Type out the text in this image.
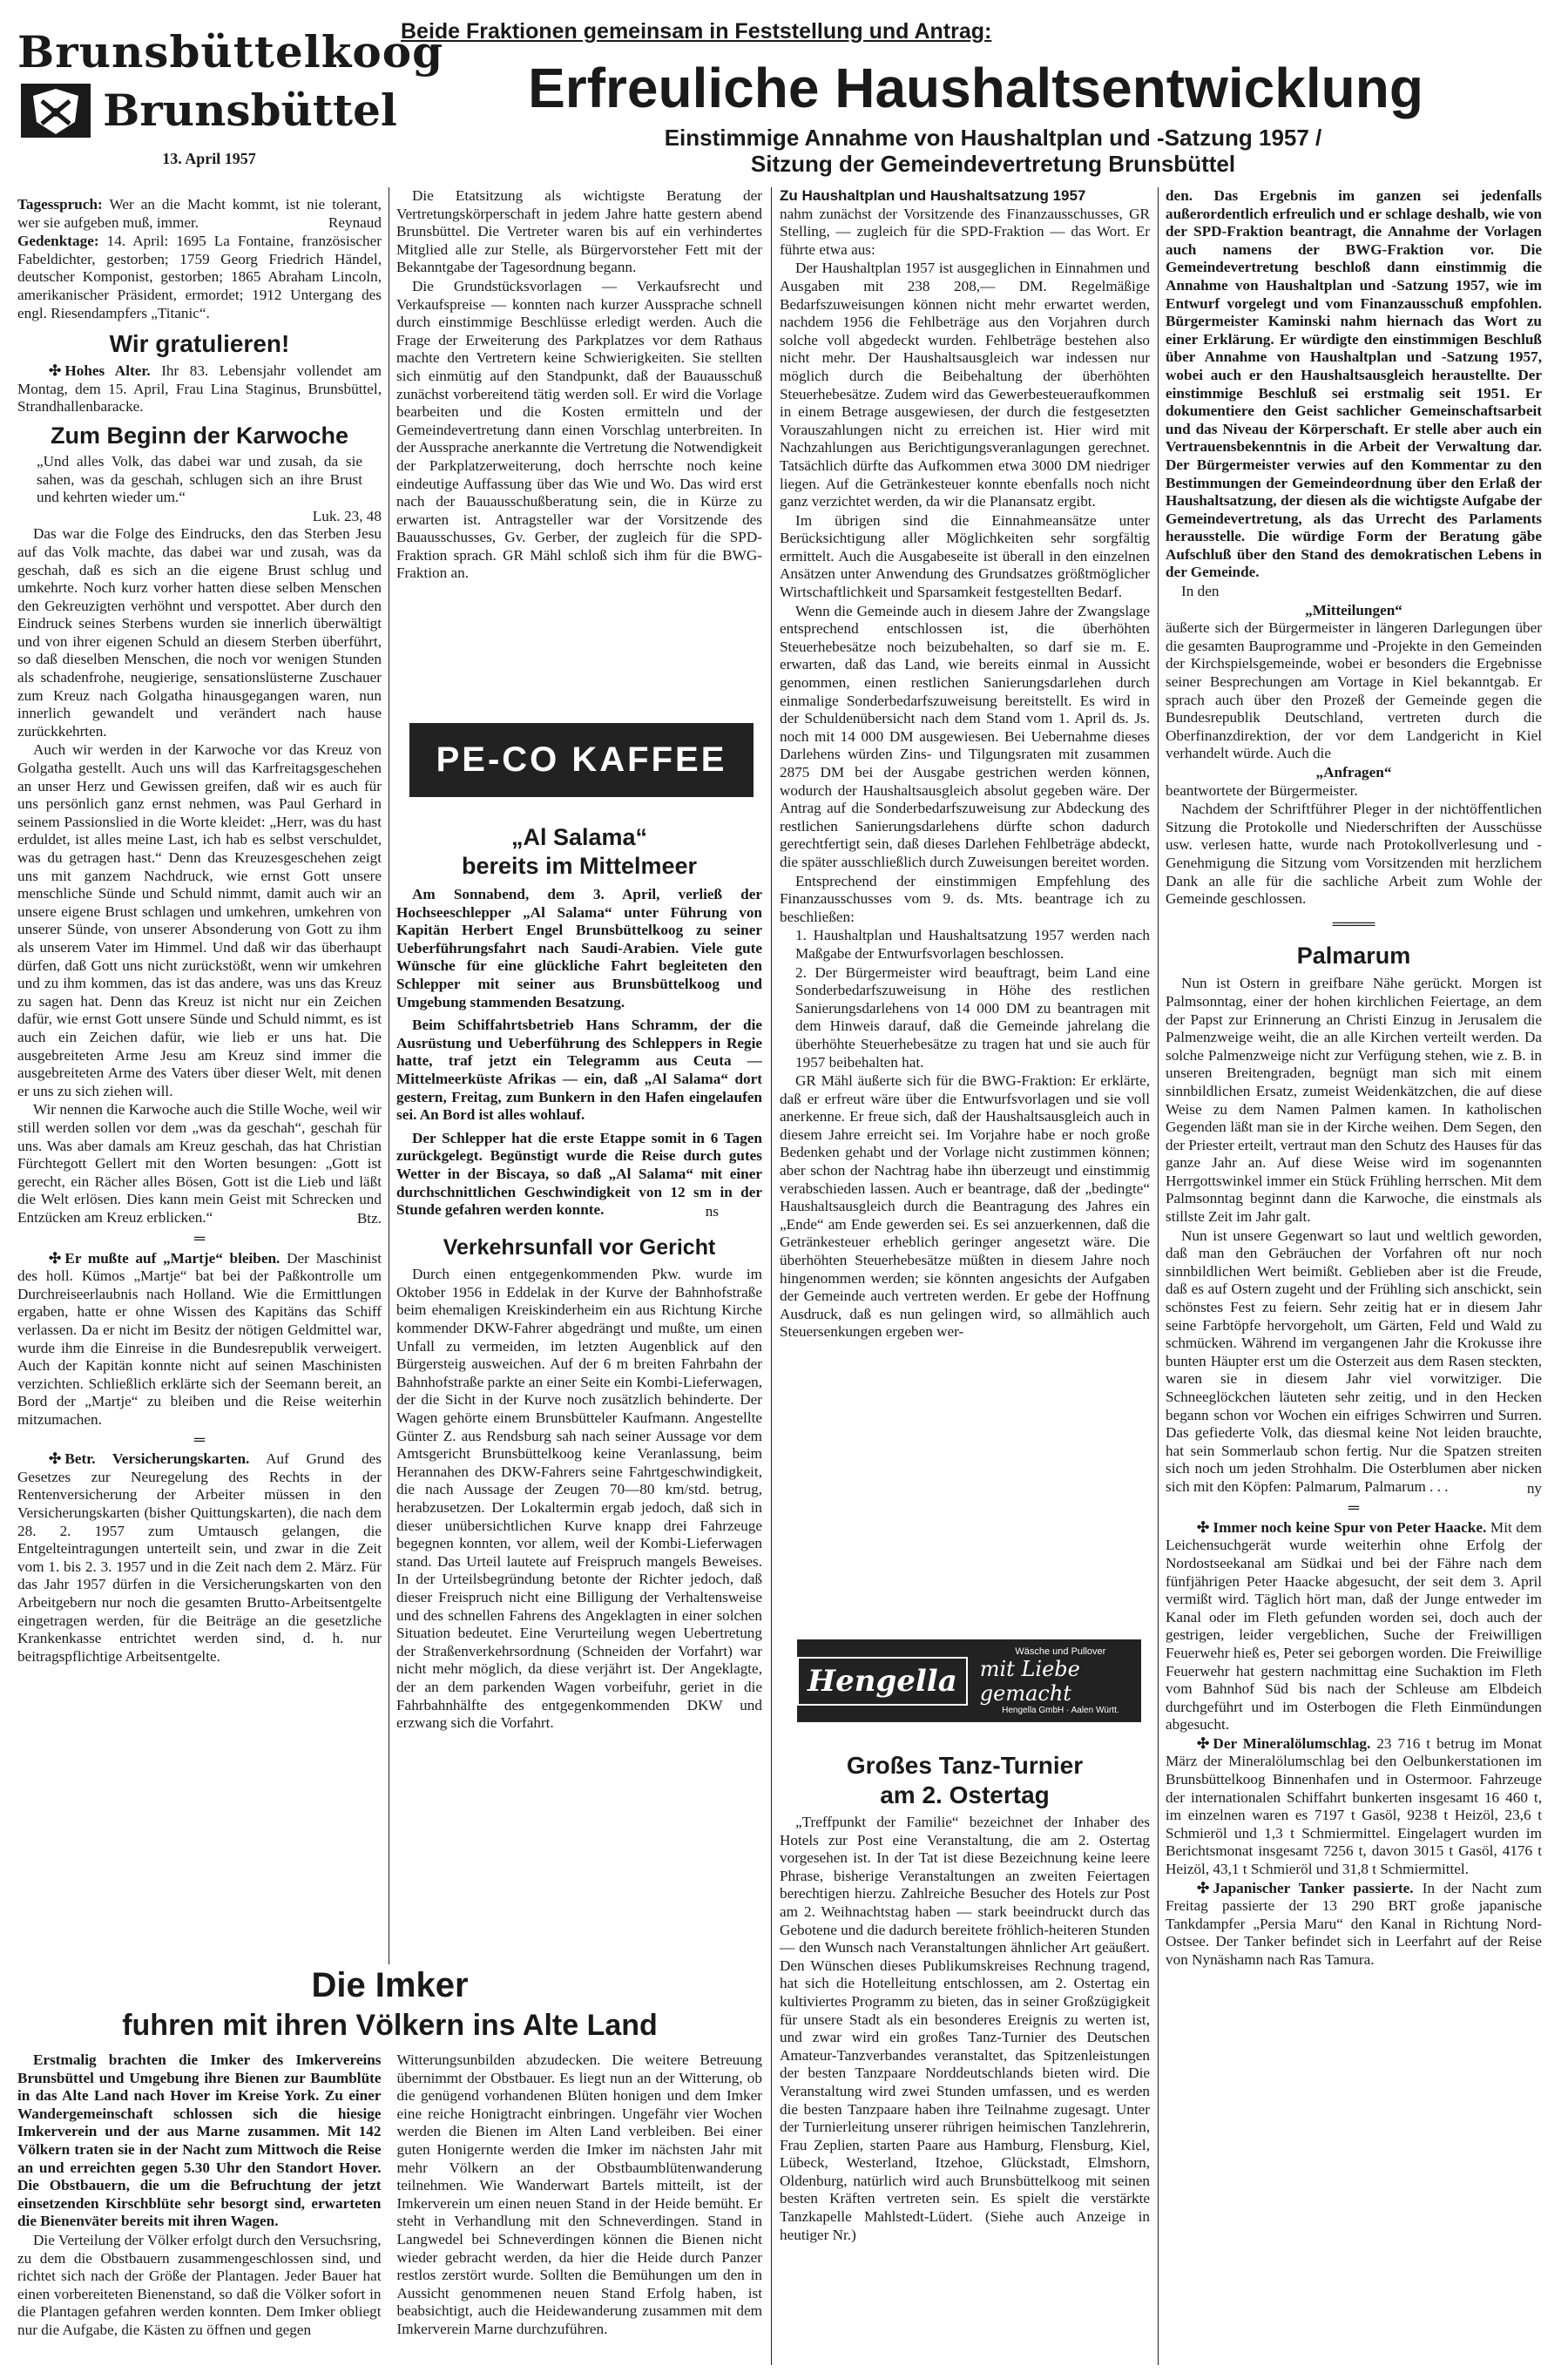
Brunsbüttelkoog
Brunsbüttel
13. April 1957

Tagesspruch: Wer an die Macht kommt, ist nie tolerant, wer sie aufgeben muß, immer.	Reynaud

Gedenktage: 14. April: 1695 La Fontaine, französischer Fabeldichter, gestorben; 1759 Georg Friedrich Händel, deutscher Komponist, gestorben; 1865 Abraham Lincoln, amerikanischer Präsident, ermordet; 1912 Untergang des engl. Riesendampfers „Titanic“.

Wir gratulieren!

✣ Hohes Alter. Ihr 83. Lebensjahr vollendet am Montag, dem 15. April, Frau Lina Staginus, Brunsbüttel, Strandhallenbaracke.

Zum Beginn der Karwoche

„Und alles Volk, das dabei war und zusah, da sie sahen, was da geschah, schlugen sich an ihre Brust und kehrten wieder um.“

Luk. 23, 48

Das war die Folge des Eindrucks, den das Sterben Jesu auf das Volk machte, das dabei war und zusah, was da geschah, daß es sich an die eigene Brust schlug und umkehrte. Noch kurz vorher hatten diese selben Menschen den Gekreuzigten verhöhnt und verspottet. Aber durch den Eindruck seines Sterbens wurden sie innerlich überwältigt und von ihrer eigenen Schuld an diesem Sterben überführt, so daß dieselben Menschen, die noch vor wenigen Stunden als schadenfrohe, neugierige, sensationslüsterne Zuschauer zum Kreuz nach Golgatha hinausgegangen waren, nun innerlich gewandelt und verändert nach hause zurückkehrten.

Auch wir werden in der Karwoche vor das Kreuz von Golgatha gestellt. Auch uns will das Karfreitagsgeschehen an unser Herz und Gewissen greifen, daß wir es auch für uns persönlich ganz ernst nehmen, was Paul Gerhard in seinem Passionslied in die Worte kleidet: „Herr, was du hast erduldet, ist alles meine Last, ich hab es selbst verschuldet, was du getragen hast.“ Denn das Kreuzesgeschehen zeigt uns mit ganzem Nachdruck, wie ernst Gott unsere menschliche Sünde und Schuld nimmt, damit auch wir an unsere eigene Brust schlagen und umkehren, umkehren von unserer Sünde, von unserer Absonderung von Gott zu ihm als unserem Vater im Himmel. Und daß wir das überhaupt dürfen, daß Gott uns nicht zurückstößt, wenn wir umkehren und zu ihm kommen, das ist das andere, was uns das Kreuz zu sagen hat. Denn das Kreuz ist nicht nur ein Zeichen dafür, wie ernst Gott unsere Sünde und Schuld nimmt, es ist auch ein Zeichen dafür, wie lieb er uns hat. Die ausgebreiteten Arme Jesu am Kreuz sind immer die ausgebreiteten Arme des Vaters über dieser Welt, mit denen er uns zu sich ziehen will.

Wir nennen die Karwoche auch die Stille Woche, weil wir still werden sollen vor dem „was da geschah“, geschah für uns. Was aber damals am Kreuz geschah, das hat Christian Fürchtegott Gellert mit den Worten besungen: „Gott ist gerecht, ein Rächer alles Bösen, Gott ist die Lieb und läßt die Welt erlösen. Dies kann mein Geist mit Schrecken und Entzücken am Kreuz erblicken.“	Btz.
═

✣ Er mußte auf „Martje“ bleiben. Der Maschinist des holl. Kümos „Martje“ bat bei der Paßkontrolle um Durchreiseerlaubnis nach Holland. Wie die Ermittlungen ergaben, hatte er ohne Wissen des Kapitäns das Schiff verlassen. Da er nicht im Besitz der nötigen Geldmittel war, wurde ihm die Einreise in die Bundesrepublik verweigert. Auch der Kapitän konnte nicht auf seinen Maschinisten verzichten. Schließlich erklärte sich der Seemann bereit, an Bord der „Martje“ zu bleiben und die Reise weiterhin mitzumachen.

═

✣ Betr. Versicherungskarten. Auf Grund des Gesetzes zur Neuregelung des Rechts in der Rentenversicherung der Arbeiter müssen in den Versicherungskarten (bisher Quittungskarten), die nach dem 28. 2. 1957 zum Umtausch gelangen, die Entgelteintragungen unterteilt sein, und zwar in die Zeit vom 1. bis 2. 3. 1957 und in die Zeit nach dem 2. März. Für das Jahr 1957 dürfen in die Versicherungskarten von den Arbeitgebern nur noch die gesamten Brutto-Arbeitsentgelte eingetragen werden, für die Beiträge an die gesetzliche Krankenkasse entrichtet werden sind, d. h. nur beitragspflichtige Arbeitsentgelte.

Beide Fraktionen gemeinsam in Feststellung und Antrag:
Erfreuliche Haushaltsentwicklung
Einstimmige Annahme von Haushaltplan und -Satzung 1957 /
Sitzung der Gemeindevertretung Brunsbüttel

Die Etatsitzung als wichtigste Beratung der Vertretungskörperschaft in jedem Jahre hatte gestern abend Brunsbüttel. Die Vertreter waren bis auf ein verhindertes Mitglied alle zur Stelle, als Bürgervorsteher Fett mit der Bekanntgabe der Tagesordnung begann.

Die Grundstücksvorlagen — Verkaufsrecht und Verkaufspreise — konnten nach kurzer Aussprache schnell durch einstimmige Beschlüsse erledigt werden. Auch die Frage der Erweiterung des Parkplatzes vor dem Rathaus machte den Vertretern keine Schwierigkeiten. Sie stellten sich einmütig auf den Standpunkt, daß der Bauausschuß zunächst vorbereitend tätig werden soll. Er wird die Vorlage bearbeiten und die Kosten ermitteln und der Gemeindevertretung dann einen Vorschlag unterbreiten. In der Aussprache anerkannte die Vertretung die Notwendigkeit der Parkplatzerweiterung, doch herrschte noch keine eindeutige Auffassung über das Wie und Wo. Das wird erst nach der Bauausschußberatung sein, die in Kürze zu erwarten ist. Antragsteller war der Vorsitzende des Bauausschusses, Gv. Gerber, der zugleich für die SPD-Fraktion sprach. GR Mähl schloß sich ihm für die BWG-Fraktion an.

PE-CO KAFFEE
„Al Salama“
bereits im Mittelmeer

Am Sonnabend, dem 3. April, verließ der Hochseeschlepper „Al Salama“ unter Führung von Kapitän Herbert Engel Brunsbüttelkoog zu seiner Ueberführungsfahrt nach Saudi-Arabien. Viele gute Wünsche für eine glückliche Fahrt begleiteten den Schlepper mit seiner aus Brunsbüttelkoog und Umgebung stammenden Besatzung.

Beim Schiffahrtsbetrieb Hans Schramm, der die Ausrüstung und Ueberführung des Schleppers in Regie hatte, traf jetzt ein Telegramm aus Ceuta — Mittelmeerküste Afrikas — ein, daß „Al Salama“ dort gestern, Freitag, zum Bunkern in den Hafen eingelaufen sei. An Bord ist alles wohlauf.

Der Schlepper hat die erste Etappe somit in 6 Tagen zurückgelegt. Begünstigt wurde die Reise durch gutes Wetter in der Biscaya, so daß „Al Salama“ mit einer durchschnittlichen Geschwindigkeit von 12 sm in der Stunde gefahren werden konnte.	ns
Verkehrsunfall vor Gericht

Durch einen entgegenkommenden Pkw. wurde im Oktober 1956 in Eddelak in der Kurve der Bahnhofstraße beim ehemaligen Kreiskinderheim ein aus Richtung Kirche kommender DKW-Fahrer abgedrängt und mußte, um einen Unfall zu vermeiden, im letzten Augenblick auf den Bürgersteig ausweichen. Auf der 6 m breiten Fahrbahn der Bahnhofstraße parkte an einer Seite ein Kombi-Lieferwagen, der die Sicht in der Kurve noch zusätzlich behinderte. Der Wagen gehörte einem Brunsbütteler Kaufmann. Angestellte Günter Z. aus Rendsburg sah nach seiner Aussage vor dem Amtsgericht Brunsbüttelkoog keine Veranlassung, beim Herannahen des DKW-Fahrers seine Fahrtgeschwindigkeit, die nach Aussage der Zeugen 70—80 km/std. betrug, herabzusetzen. Der Lokaltermin ergab jedoch, daß sich in dieser unübersichtlichen Kurve knapp drei Fahrzeuge begegnen konnten, vor allem, weil der Kombi-Lieferwagen stand. Das Urteil lautete auf Freispruch mangels Beweises. In der Urteilsbegründung betonte der Richter jedoch, daß dieser Freispruch nicht eine Billigung der Verhaltensweise und des schnellen Fahrens des Angeklagten in einer solchen Situation bedeutet. Eine Verurteilung wegen Uebertretung der Straßenverkehrsordnung (Schneiden der Vorfahrt) war nicht mehr möglich, da diese verjährt ist. Der Angeklagte, der an dem parkenden Wagen vorbeifuhr, geriet in die Fahrbahnhälfte des entgegenkommenden DKW und erzwang sich die Vorfahrt.

Zu Haushaltplan und Haushaltsatzung 1957

nahm zunächst der Vorsitzende des Finanzausschusses, GR Stelling, — zugleich für die SPD-Fraktion — das Wort. Er führte etwa aus:

Der Haushaltplan 1957 ist ausgeglichen in Einnahmen und Ausgaben mit 238 208,— DM. Regelmäßige Bedarfszuweisungen können nicht mehr erwartet werden, nachdem 1956 die Fehlbeträge aus den Vorjahren durch solche voll abgedeckt wurden. Fehlbeträge bestehen also nicht mehr. Der Haushaltsausgleich war indessen nur möglich durch die Beibehaltung der überhöhten Steuerhebesätze. Zudem wird das Gewerbesteueraufkommen in einem Betrage ausgewiesen, der durch die festgesetzten Vorauszahlungen nicht zu erreichen ist. Hier wird mit Nachzahlungen aus Berichtigungsveranlagungen gerechnet. Tatsächlich dürfte das Aufkommen etwa 3000 DM niedriger liegen. Auf die Getränkesteuer konnte ebenfalls noch nicht ganz verzichtet werden, da wir die Planansatz ergibt.

Im übrigen sind die Einnahmeansätze unter Berücksichtigung aller Möglichkeiten sehr sorgfältig ermittelt. Auch die Ausgabeseite ist überall in den einzelnen Ansätzen unter Anwendung des Grundsatzes größtmöglicher Wirtschaftlichkeit und Sparsamkeit festgestellten Bedarf.

Wenn die Gemeinde auch in diesem Jahre der Zwangslage entsprechend entschlossen ist, die überhöhten Steuerhebesätze noch beizubehalten, so darf sie m. E. erwarten, daß das Land, wie bereits einmal in Aussicht genommen, einen restlichen Sanierungsdarlehen durch einmalige Sonderbedarfszuweisung bereitstellt. Es wird in der Schuldenübersicht nach dem Stand vom 1. April ds. Js. noch mit 14 000 DM ausgewiesen. Bei Uebernahme dieses Darlehens würden Zins- und Tilgungsraten mit zusammen 2875 DM bei der Ausgabe gestrichen werden können, wodurch der Haushaltsausgleich absolut gegeben wäre. Der Antrag auf die Sonderbedarfszuweisung zur Abdeckung des restlichen Sanierungsdarlehens dürfte schon dadurch gerechtfertigt sein, daß dieses Darlehen Fehlbeträge abdeckt, die später ausschließlich durch Zuweisungen bereitet worden.

Entsprechend der einstimmigen Empfehlung des Finanzausschusses vom 9. ds. Mts. beantrage ich zu beschließen:

1. Haushaltplan und Haushaltsatzung 1957 werden nach Maßgabe der Entwurfsvorlagen beschlossen.

2. Der Bürgermeister wird beauftragt, beim Land eine Sonderbedarfszuweisung in Höhe des restlichen Sanierungsdarlehens von 14 000 DM zu beantragen mit dem Hinweis darauf, daß die Gemeinde jahrelang die überhöhte Steuerhebesätze zu tragen hat und sie auch für 1957 beibehalten hat.

GR Mähl äußerte sich für die BWG-Fraktion: Er erklärte, daß er erfreut wäre über die Entwurfsvorlagen und sie voll anerkenne. Er freue sich, daß der Haushaltsausgleich auch in diesem Jahre erreicht sei. Im Vorjahre habe er noch große Bedenken gehabt und der Vorlage nicht zustimmen können; aber schon der Nachtrag habe ihn überzeugt und einstimmig verabschieden lassen. Auch er beantrage, daß der „bedingte“ Haushaltsausgleich durch die Beantragung des Jahres ein „Ende“ am Ende gewerden sei. Es sei anzuerkennen, daß die Getränkesteuer erheblich geringer angesetzt wäre. Die überhöhten Steuerhebesätze müßten in diesem Jahre noch hingenommen werden; sie könnten angesichts der Aufgaben der Gemeinde auch vertreten werden. Er gebe der Hoffnung Ausdruck, daß es nun gelingen wird, so allmählich auch Steuersenkungen ergeben wer-

Hengella
Wäsche und Pullover
mit Liebe gemacht
Hengella GmbH · Aalen Württ.
Großes Tanz-Turnier
am 2. Ostertag

„Treffpunkt der Familie“ bezeichnet der Inhaber des Hotels zur Post eine Veranstaltung, die am 2. Ostertag vorgesehen ist. In der Tat ist diese Bezeichnung keine leere Phrase, bisherige Veranstaltungen an zweiten Feiertagen berechtigen hierzu. Zahlreiche Besucher des Hotels zur Post am 2. Weihnachtstag haben — stark beeindruckt durch das Gebotene und die dadurch bereitete fröhlich-heiteren Stunden — den Wunsch nach Veranstaltungen ähnlicher Art geäußert. Den Wünschen dieses Publikumskreises Rechnung tragend, hat sich die Hotelleitung entschlossen, am 2. Ostertag ein kultiviertes Programm zu bieten, das in seiner Großzügigkeit für unsere Stadt als ein besonderes Ereignis zu werten ist, und zwar wird ein großes Tanz-Turnier des Deutschen Amateur-Tanzverbandes veranstaltet, das Spitzenleistungen der besten Tanzpaare Norddeutschlands bieten wird. Die Veranstaltung wird zwei Stunden umfassen, und es werden die besten Tanzpaare haben ihre Teilnahme zugesagt. Unter der Turnierleitung unserer rührigen heimischen Tanzlehrerin, Frau Zeplien, starten Paare aus Hamburg, Flensburg, Kiel, Lübeck, Westerland, Itzehoe, Glückstadt, Elmshorn, Oldenburg, natürlich wird auch Brunsbüttelkoog mit seinen besten Kräften vertreten sein. Es spielt die verstärkte Tanzkapelle Mahlstedt-Lüdert. (Siehe auch Anzeige in heutiger Nr.)

den. Das Ergebnis im ganzen sei jedenfalls außerordentlich erfreulich und er schlage deshalb, wie von der SPD-Fraktion beantragt, die Annahme der Vorlagen auch namens der BWG-Fraktion vor. Die Gemeindevertretung beschloß dann einstimmig die Annahme von Haushaltplan und -Satzung 1957, wie im Entwurf vorgelegt und vom Finanzausschuß empfohlen. Bürgermeister Kaminski nahm hiernach das Wort zu einer Erklärung. Er würdigte den einstimmigen Beschluß über Annahme von Haushaltplan und -Satzung 1957, wobei auch er den Haushaltsausgleich heraustellte. Der einstimmige Beschluß sei erstmalig seit 1951. Er dokumentiere den Geist sachlicher Gemeinschaftsarbeit und das Niveau der Körperschaft. Er stelle aber auch ein Vertrauensbekenntnis in die Arbeit der Verwaltung dar. Der Bürgermeister verwies auf den Kommentar zu den Bestimmungen der Gemeindeordnung über den Erlaß der Haushaltsatzung, der diesen als die wichtigste Aufgabe der Gemeindevertretung, als das Urrecht des Parlaments herausstelle. Die würdige Form der Beratung gäbe Aufschluß über den Stand des demokratischen Lebens in der Gemeinde.

In den

„Mitteilungen“

äußerte sich der Bürgermeister in längeren Darlegungen über die gesamten Bauprogramme und -Projekte in den Gemeinden der Kirchspielsgemeinde, wobei er besonders die Ergebnisse seiner Besprechungen am Vortage in Kiel bekanntgab. Er sprach auch über den Prozeß der Gemeinde gegen die Bundesrepublik Deutschland, vertreten durch die Oberfinanzdirektion, der vor dem Landgericht in Kiel verhandelt würde. Auch die

„Anfragen“

beantwortete der Bürgermeister.

Nachdem der Schriftführer Pleger in der nichtöffentlichen Sitzung die Protokolle und Niederschriften der Ausschüsse usw. verlesen hatte, wurde nach Protokollverlesung und -Genehmigung die Sitzung vom Vorsitzenden mit herzlichem Dank an alle für die sachliche Arbeit zum Wohle der Gemeinde geschlossen.

════
Palmarum

Nun ist Ostern in greifbare Nähe gerückt. Morgen ist Palmsonntag, einer der hohen kirchlichen Feiertage, an dem der Papst zur Erinnerung an Christi Einzug in Jerusalem die Palmenzweige weiht, die an alle Kirchen verteilt werden. Da solche Palmenzweige nicht zur Verfügung stehen, wie z. B. in unseren Breitengraden, begnügt man sich mit einem sinnbildlichen Ersatz, zumeist Weidenkätzchen, die auf diese Weise zu dem Namen Palmen kamen. In katholischen Gegenden läßt man sie in der Kirche weihen. Dem Segen, den der Priester erteilt, vertraut man den Schutz des Hauses für das ganze Jahr an. Auf diese Weise wird im sogenannten Herrgottswinkel immer ein Stück Frühling herrschen. Mit dem Palmsonntag beginnt dann die Karwoche, die einstmals als stillste Zeit im Jahr galt.

Nun ist unsere Gegenwart so laut und weltlich geworden, daß man den Gebräuchen der Vorfahren oft nur noch sinnbildlichen Wert beimißt. Geblieben aber ist die Freude, daß es auf Ostern zugeht und der Frühling sich anschickt, sein schönstes Fest zu feiern. Sehr zeitig hat er in diesem Jahr seine Farbtöpfe hervorgeholt, um Gärten, Feld und Wald zu schmücken. Während im vergangenen Jahr die Krokusse ihre bunten Häupter erst um die Osterzeit aus dem Rasen steckten, waren sie in diesem Jahr viel vorwitziger. Die Schneeglöckchen läuteten sehr zeitig, und in den Hecken begann schon vor Wochen ein eifriges Schwirren und Surren. Das gefiederte Volk, das diesmal keine Not leiden brauchte, hat sein Sommerlaub schon fertig. Nur die Spatzen streiten sich noch um jeden Strohhalm. Die Osterblumen aber nicken sich mit den Köpfen: Palmarum, Palmarum . . .	ny
═

✣ Immer noch keine Spur von Peter Haacke. Mit dem Leichensuchgerät wurde weiterhin ohne Erfolg der Nordostseekanal am Südkai und bei der Fähre nach dem fünfjährigen Peter Haacke abgesucht, der seit dem 3. April vermißt wird. Täglich hört man, daß der Junge entweder im Kanal oder im Fleth gefunden worden sei, doch auch der gestrigen, leider vergeblichen, Suche der Freiwilligen Feuerwehr hieß es, Peter sei geborgen worden. Die Freiwillige Feuerwehr hat gestern nachmittag eine Suchaktion im Fleth vom Bahnhof Süd bis nach der Schleuse am Elbdeich durchgeführt und im Osterbogen die Fleth Einmündungen abgesucht.

✣ Der Mineralölumschlag. 23 716 t betrug im Monat März der Mineralölumschlag bei den Oelbunkerstationen im Brunsbüttelkoog Binnenhafen und in Ostermoor. Fahrzeuge der internationalen Schiffahrt bunkerten insgesamt 16 460 t, im einzelnen waren es 7197 t Gasöl, 9238 t Heizöl, 23,6 t Schmieröl und 1,3 t Schmiermittel. Eingelagert wurden im Berichtsmonat insgesamt 7256 t, davon 3015 t Gasöl, 4176 t Heizöl, 43,1 t Schmieröl und 31,8 t Schmiermittel.

✣ Japanischer Tanker passierte. In der Nacht zum Freitag passierte der 13 290 BRT große japanische Tankdampfer „Persia Maru“ den Kanal in Richtung Nord-Ostsee. Der Tanker befindet sich in Leerfahrt auf der Reise von Nynäshamn nach Ras Tamura.

Die Imker
fuhren mit ihren Völkern ins Alte Land

Erstmalig brachten die Imker des Imkervereins Brunsbüttel und Umgebung ihre Bienen zur Baumblüte in das Alte Land nach Hover im Kreise York. Zu einer Wandergemeinschaft schlossen sich die hiesige Imkerverein und der aus Marne zusammen. Mit 142 Völkern traten sie in der Nacht zum Mittwoch die Reise an und erreichten gegen 5.30 Uhr den Standort Hover. Die Obstbauern, die um die Befruchtung der jetzt einsetzenden Kirschblüte sehr besorgt sind, erwarteten die Bienenväter bereits mit ihren Wagen.

Die Verteilung der Völker erfolgt durch den Versuchsring, zu dem die Obstbauern zusammengeschlossen sind, und richtet sich nach der Größe der Plantagen. Jeder Bauer hat einen vorbereiteten Bienenstand, so daß die Völker sofort in die Plantagen gefahren werden konnten. Dem Imker obliegt nur die Aufgabe, die Kästen zu öffnen und gegen

Witterungsunbilden abzudecken. Die weitere Betreuung übernimmt der Obstbauer. Es liegt nun an der Witterung, ob die genügend vorhandenen Blüten honigen und dem Imker eine reiche Honigtracht einbringen. Ungefähr vier Wochen werden die Bienen im Alten Land verbleiben. Bei einer guten Honigernte werden die Imker im nächsten Jahr mit mehr Völkern an der Obstbaumblütenwanderung teilnehmen. Wie Wanderwart Bartels mitteilt, ist der Imkerverein um einen neuen Stand in der Heide bemüht. Er steht in Verhandlung mit den Schneverdingen. Stand in Langwedel bei Schneverdingen können die Bienen nicht wieder gebracht werden, da hier die Heide durch Panzer restlos zerstört wurde. Sollten die Bemühungen um den in Aussicht genommenen neuen Stand Erfolg haben, ist beabsichtigt, auch die Heidewanderung zusammen mit dem Imkerverein Marne durchzuführen.
